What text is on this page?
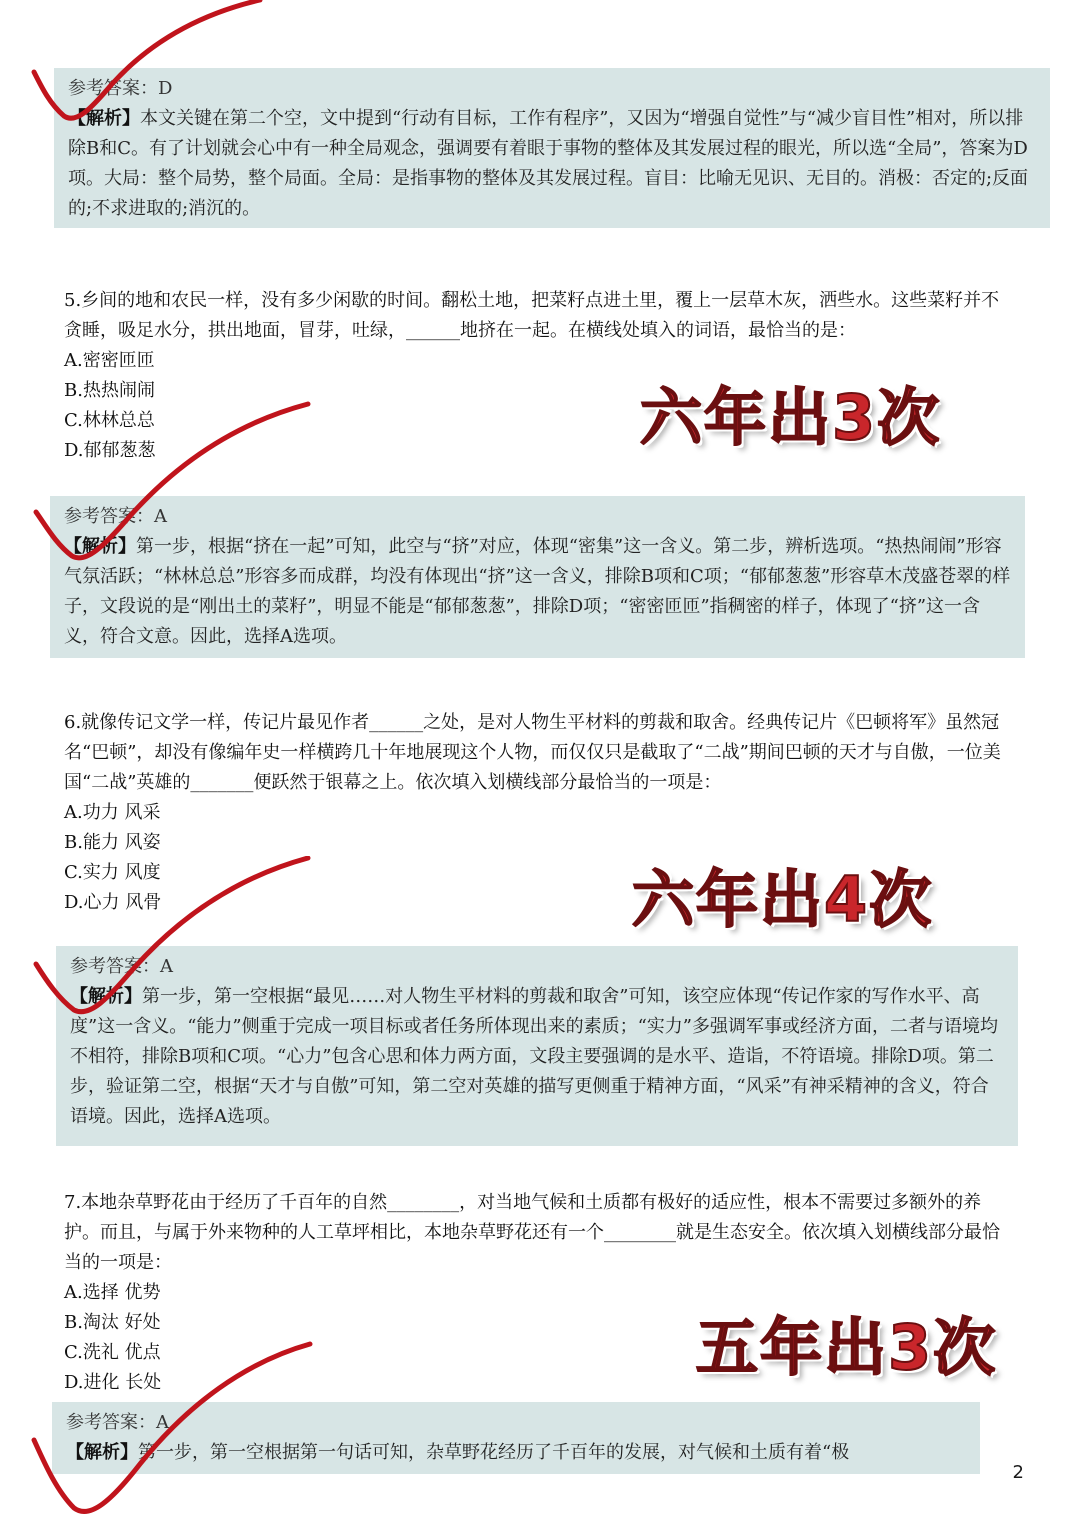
参考答案：D

【解析】本文关键在第二个空，文中提到“行动有目标，工作有程序”，又因为“增强自觉性”与“减少盲目性”相对，所以排除B和C。有了计划就会心中有一种全局观念，强调要有着眼于事物的整体及其发展过程的眼光，所以选“全局”，答案为D项。大局：整个局势，整个局面。全局：是指事物的整体及其发展过程。盲目：比喻无见识、无目的。消极：否定的;反面的;不求进取的;消沉的。

5.乡间的地和农民一样，没有多少闲歇的时间。翻松土地，把菜籽点进土里，覆上一层草木灰，洒些水。这些菜籽并不贪睡，吸足水分，拱出地面，冒芽，吐绿，______地挤在一起。在横线处填入的词语，最恰当的是：

A.密密匝匝
B.热热闹闹
C.林林总总
D.郁郁葱葱	六年出3次

参考答案：A

【解析】第一步，根据“挤在一起”可知，此空与“挤”对应，体现“密集”这一含义。第二步，辨析选项。“热热闹闹”形容气氛活跃；“林林总总”形容多而成群，均没有体现出“挤”这一含义，排除B项和C项；“郁郁葱葱”形容草木茂盛苍翠的样子，文段说的是“刚出土的菜籽”，明显不能是“郁郁葱葱”，排除D项；“密密匝匝”指稠密的样子，体现了“挤”这一含义，符合文意。因此，选择A选项。

6.就像传记文学一样，传记片最见作者______之处，是对人物生平材料的剪裁和取舍。经典传记片《巴顿将军》虽然冠名“巴顿”，却没有像编年史一样横跨几十年地展现这个人物，而仅仅只是截取了“二战”期间巴顿的天才与自傲，一位美国“二战”英雄的_______便跃然于银幕之上。依次填入划横线部分最恰当的一项是：

A.功力 风采
B.能力 风姿
C.实力 风度
D.心力 风骨	六年出4次

参考答案：A

【解析】第一步，第一空根据“最见……对人物生平材料的剪裁和取舍”可知，该空应体现“传记作家的写作水平、高度”这一含义。“能力”侧重于完成一项目标或者任务所体现出来的素质；“实力”多强调军事或经济方面，二者与语境均不相符，排除B项和C项。“心力”包含心思和体力两方面，文段主要强调的是水平、造诣，不符语境。排除D项。第二步，验证第二空，根据“天才与自傲”可知，第二空对英雄的描写更侧重于精神方面，“风采”有神采精神的含义，符合语境。因此，选择A选项。

7.本地杂草野花由于经历了千百年的自然________，对当地气候和土质都有极好的适应性，根本不需要过多额外的养护。而且，与属于外来物种的人工草坪相比，本地杂草野花还有一个________就是生态安全。依次填入划横线部分最恰当的一项是：

A.选择 优势
B.淘汰 好处
C.洗礼 优点
D.进化 长处	五年出3次

参考答案：A

【解析】第一步，第一空根据第一句话可知，杂草野花经历了千百年的发展，对气候和土质有着“极

2
